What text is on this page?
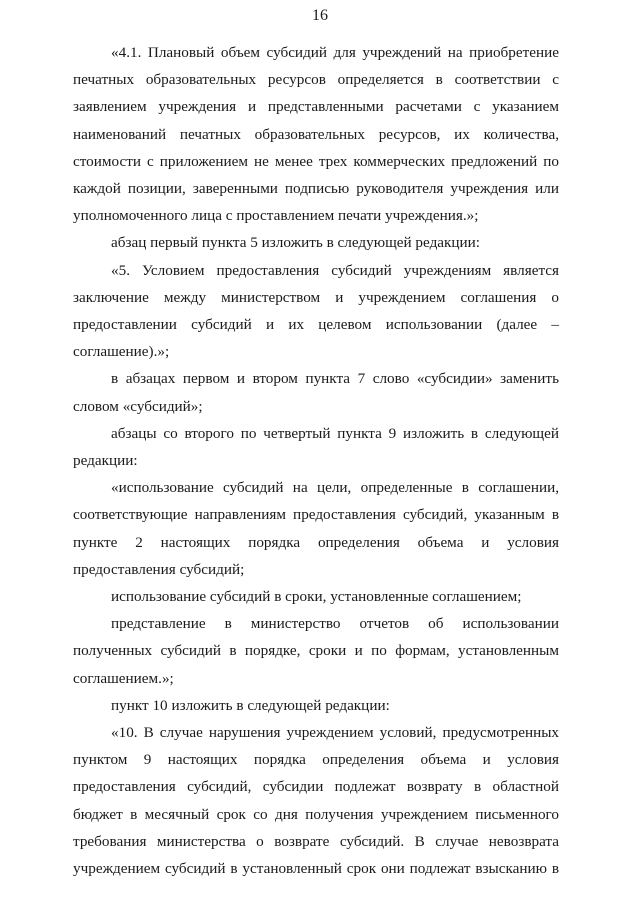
16

«4.1. Плановый объем субсидий для учреждений на приобретение печатных образовательных ресурсов определяется в соответствии с заявлением учреждения и представленными расчетами с указанием наименований печатных образовательных ресурсов, их количества, стоимости с приложением не менее трех коммерческих предложений по каждой позиции, заверенными подписью руководителя учреждения или уполномоченного лица с проставлением печати учреждения.»;

абзац первый пункта 5 изложить в следующей редакции:

«5. Условием предоставления субсидий учреждениям является заключение между министерством и учреждением соглашения о предоставлении субсидий и их целевом использовании (далее – соглашение).»;

в абзацах первом и втором пункта 7 слово «субсидии» заменить словом «субсидий»;

абзацы со второго по четвертый пункта 9 изложить в следующей редакции:

«использование субсидий на цели, определенные в соглашении, соответствующие направлениям предоставления субсидий, указанным в пункте 2 настоящих порядка определения объема и условия предоставления субсидий;

использование субсидий в сроки, установленные соглашением;

представление в министерство отчетов об использовании полученных субсидий в порядке, сроки и по формам, установленным соглашением.»;

пункт 10 изложить в следующей редакции:

«10. В случае нарушения учреждением условий, предусмотренных пунктом 9 настоящих порядка определения объема и условия предоставления субсидий, субсидии подлежат возврату в областной бюджет в месячный срок со дня получения учреждением письменного требования министерства о возврате субсидий. В случае невозврата учреждением субсидий в установленный срок они подлежат взысканию в
